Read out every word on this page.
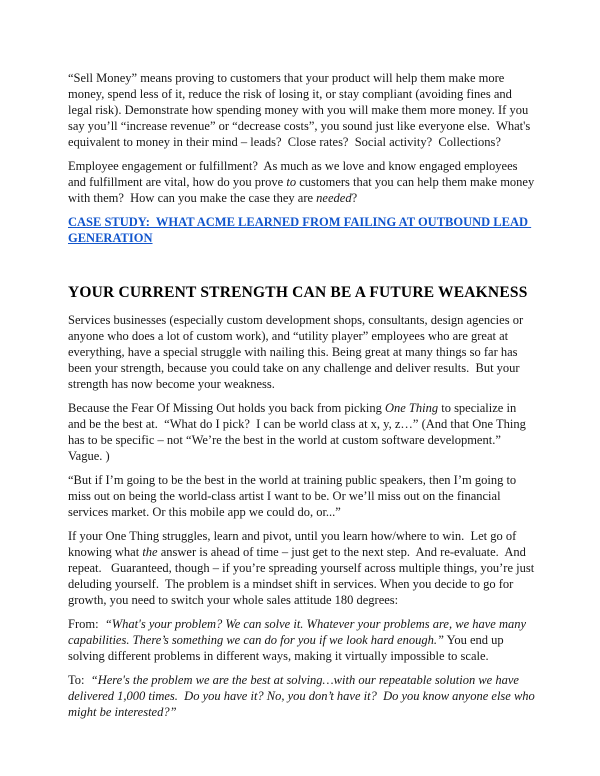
“Sell Money” means proving to customers that your product will help them make more money, spend less of it, reduce the risk of losing it, or stay compliant (avoiding fines and legal risk). Demonstrate how spending money with you will make them more money. If you say you’ll “increase revenue” or “decrease costs”, you sound just like everyone else.  What's equivalent to money in their mind – leads?  Close rates?  Social activity?  Collections?

Employee engagement or fulfillment?  As much as we love and know engaged employees and fulfillment are vital, how do you prove to customers that you can help them make money with them?  How can you make the case they are needed?

CASE STUDY:  WHAT ACME LEARNED FROM FAILING AT OUTBOUND LEAD GENERATION

YOUR CURRENT STRENGTH CAN BE A FUTURE WEAKNESS

Services businesses (especially custom development shops, consultants, design agencies or anyone who does a lot of custom work), and “utility player” employees who are great at everything, have a special struggle with nailing this. Being great at many things so far has been your strength, because you could take on any challenge and deliver results.  But your strength has now become your weakness.

Because the Fear Of Missing Out holds you back from picking One Thing to specialize in and be the best at.  “What do I pick?  I can be world class at x, y, z…” (And that One Thing has to be specific – not “We’re the best in the world at custom software development.” Vague. )

“But if I’m going to be the best in the world at training public speakers, then I’m going to miss out on being the world-class artist I want to be. Or we’ll miss out on the financial services market. Or this mobile app we could do, or...”

If your One Thing struggles, learn and pivot, until you learn how/where to win.  Let go of knowing what the answer is ahead of time – just get to the next step.  And re-evaluate.  And repeat.   Guaranteed, though – if you’re spreading yourself across multiple things, you’re just deluding yourself.  The problem is a mindset shift in services. When you decide to go for growth, you need to switch your whole sales attitude 180 degrees:

From:  “What's your problem? We can solve it. Whatever your problems are, we have many capabilities. There’s something we can do for you if we look hard enough.” You end up solving different problems in different ways, making it virtually impossible to scale.

To:  “Here's the problem we are the best at solving…with our repeatable solution we have delivered 1,000 times.  Do you have it? No, you don’t have it?  Do you know anyone else who might be interested?”
